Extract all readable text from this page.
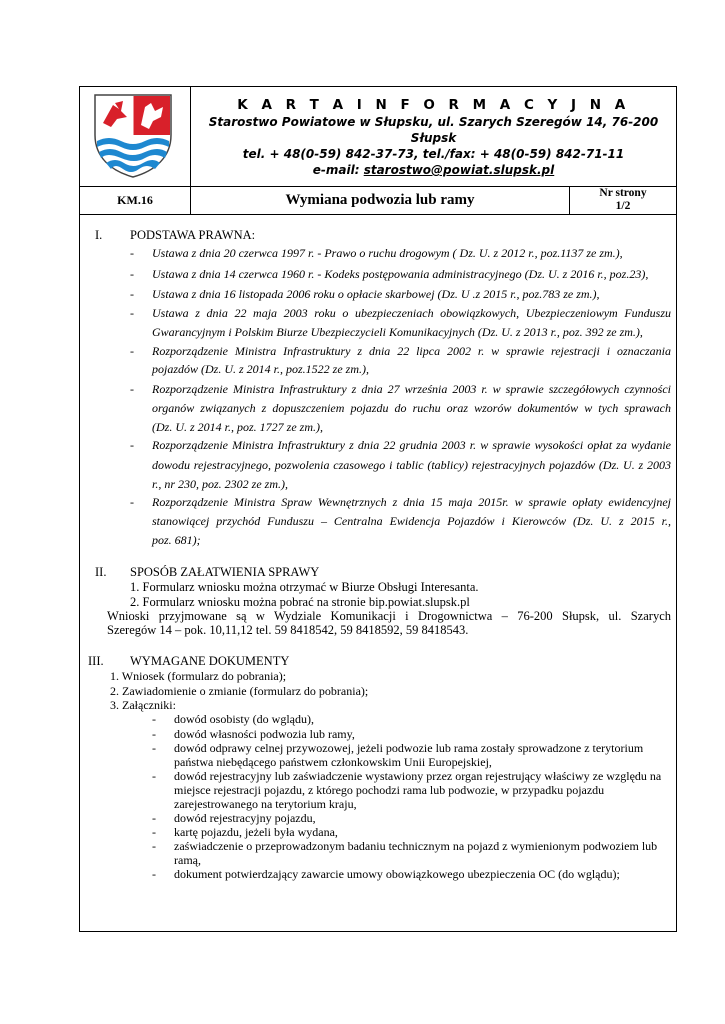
K A R T A I N F O R M A C Y J N A
Starostwo Powiatowe w Słupsku, ul. Szarych Szeregów 14, 76-200 Słupsk
tel. + 48(0-59) 842-37-73, tel./fax: + 48(0-59) 842-71-11
e-mail: starostwo@powiat.slupsk.pl
KM.16	Wymiana podwozia lub ramy	Nr strony
1/2
I. PODSTAWA PRAWNA:
- Ustawa z dnia 20 czerwca 1997 r. - Prawo o ruchu drogowym ( Dz. U. z 2012 r., poz.1137 ze zm.),
- Ustawa z dnia 14 czerwca 1960 r. - Kodeks postępowania administracyjnego (Dz. U. z 2016 r., poz.23),
- Ustawa z dnia 16 listopada 2006 roku o opłacie skarbowej (Dz. U .z 2015 r., poz.783 ze zm.),
- Ustawa z dnia 22 maja 2003 roku o ubezpieczeniach obowiązkowych, Ubezpieczeniowym Funduszu
Gwarancyjnym i Polskim Biurze Ubezpieczycieli Komunikacyjnych (Dz. U. z 2013 r., poz. 392 ze zm.),
- Rozporządzenie Ministra Infrastruktury z dnia 22 lipca 2002 r. w sprawie rejestracji i oznaczania
pojazdów (Dz. U. z 2014 r., poz.1522 ze zm.),
- Rozporządzenie Ministra Infrastruktury z dnia 27 września 2003 r. w sprawie szczegółowych czynności
organów związanych z dopuszczeniem pojazdu do ruchu oraz wzorów dokumentów w tych sprawach
(Dz. U. z 2014 r., poz. 1727 ze zm.),
- Rozporządzenie Ministra Infrastruktury z dnia 22 grudnia 2003 r. w sprawie wysokości opłat za wydanie
dowodu rejestracyjnego, pozwolenia czasowego i tablic (tablicy) rejestracyjnych pojazdów (Dz. U. z 2003
r., nr 230, poz. 2302 ze zm.),
- Rozporządzenie Ministra Spraw Wewnętrznych z dnia 15 maja 2015r. w sprawie opłaty ewidencyjnej
stanowiącej przychód Funduszu – Centralna Ewidencja Pojazdów i Kierowców (Dz. U. z 2015 r.,
poz. 681);
II. SPOSÓB ZAŁATWIENIA SPRAWY
1. Formularz wniosku można otrzymać w Biurze Obsługi Interesanta.
2. Formularz wniosku można pobrać na stronie bip.powiat.slupsk.pl
Wnioski przyjmowane są w Wydziale Komunikacji i Drogownictwa – 76-200 Słupsk, ul. Szarych
Szeregów 14 – pok. 10,11,12 tel. 59 8418542, 59 8418592, 59 8418543.
III. WYMAGANE DOKUMENTY
1. Wniosek (formularz do pobrania);
2. Zawiadomienie o zmianie (formularz do pobrania);
3. Załączniki:
- dowód osobisty (do wglądu),
- dowód własności podwozia lub ramy,
- dowód odprawy celnej przywozowej, jeżeli podwozie lub rama zostały sprowadzone z terytorium
państwa niebędącego państwem członkowskim Unii Europejskiej,
- dowód rejestracyjny lub zaświadczenie wystawiony przez organ rejestrujący właściwy ze względu na
miejsce rejestracji pojazdu, z którego pochodzi rama lub podwozie, w przypadku pojazdu
zarejestrowanego na terytorium kraju,
- dowód rejestracyjny pojazdu,
- kartę pojazdu, jeżeli była wydana,
- zaświadczenie o przeprowadzonym badaniu technicznym na pojazd z wymienionym podwoziem lub
ramą,
- dokument potwierdzający zawarcie umowy obowiązkowego ubezpieczenia OC (do wglądu);
